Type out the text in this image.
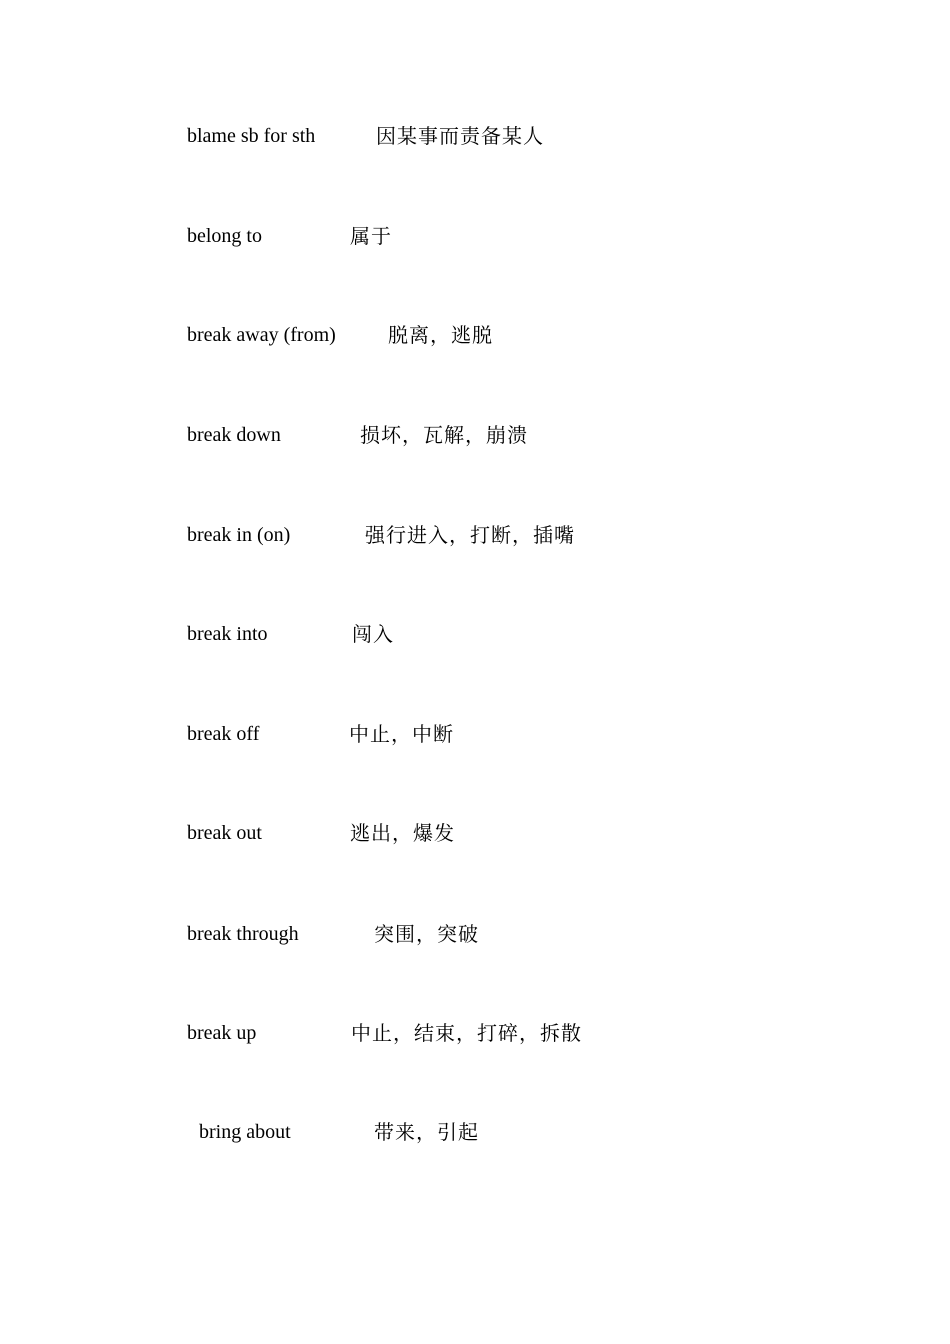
blame sb for sth	因某事而责备某人
belong to	属于
break away (from)	脱离，逃脱
break down	损坏，瓦解，崩溃
break in (on)	强行进入，打断，插嘴
break into	闯入
break off	中止，中断
break out	逃出，爆发
break through	突围，突破
break up	中止，结束，打碎，拆散
bring about	带来，引起
